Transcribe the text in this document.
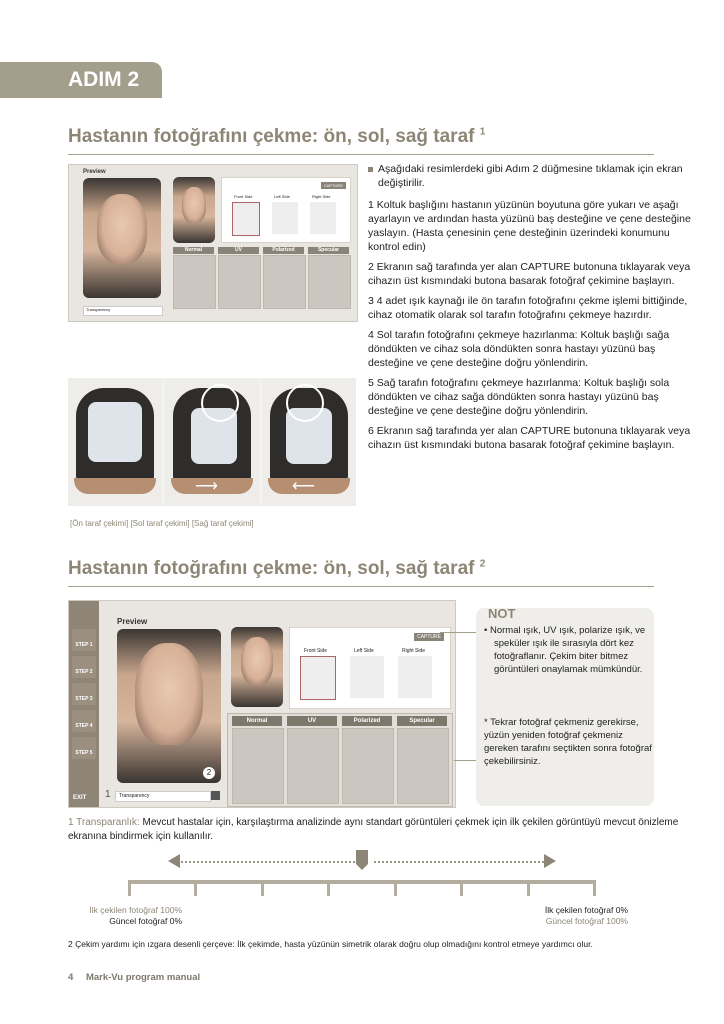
ADIM 2
Hastanın fotoğrafını çekme: ön, sol, sağ taraf $^1$
Preview
CAPTURE
Front Side	Left Side	Right Side
Normal	UV	Polarized	Specular
Transparency
⟶	⟵
[Ön taraf çekimi] [Sol taraf çekimi] [Sağ taraf çekimi]
Aşağıdaki resimlerdeki gibi Adım 2 düğmesine tıklamak için ekran değiştirilir.
1 Koltuk başlığını hastanın yüzünün boyutuna göre yukarı ve aşağı ayarlayın ve ardından hasta yüzünü baş desteğine ve çene desteğine yaslayın. (Hasta çenesinin çene desteğinin üzerindeki konumunu kontrol edin)
2 Ekranın sağ tarafında yer alan CAPTURE butonuna tıklayarak veya cihazın üst kısmındaki butona basarak fotoğraf çekimine başlayın.
3 4 adet ışık kaynağı ile ön tarafın fotoğrafını çekme işlemi bittiğinde, cihaz otomatik olarak sol tarafın fotoğrafını çekmeye hazırdır.
4 Sol tarafın fotoğrafını çekmeye hazırlanma: Koltuk başlığı sağa döndükten ve cihaz sola döndükten sonra hastayı yüzünü baş desteğine ve çene desteğine doğru yönlendirin.
5 Sağ tarafın fotoğrafını çekmeye hazırlanma: Koltuk başlığı sola döndükten ve cihaz sağa döndükten sonra hastayı yüzünü baş desteğine ve çene desteğine doğru yönlendirin.
6 Ekranın sağ tarafında yer alan CAPTURE butonuna tıklayarak veya cihazın üst kısmındaki butona basarak fotoğraf çekimine başlayın.
Hastanın fotoğrafını çekme: ön, sol, sağ taraf $^2$
STEP 1
STEP 2
STEP 3
STEP 4
STEP 5
EXIT
Preview
2
1 Transparency
CAPTURE
Front Side	Left Side	Right Side
Normal	UV	Polarized	Specular
NOT
• Normal ışık, UV ışık, polarize ışık, ve speküler ışık ile sırasıyla dört kez fotoğraflanır. Çekim biter bitmez görüntüleri onaylamak mümkündür.
* Tekrar fotoğraf çekmeniz gerekirse, yüzün yeniden fotoğraf çekmeniz gereken tarafını seçtikten sonra fotoğraf çekebilirsiniz.
1 Transparanlık: Mevcut hastalar için, karşılaştırma analizinde aynı standart görüntüleri çekmek için ilk çekilen görüntüyü mevcut önizleme ekranına bindirmek için kullanılır.
İlk çekilen fotoğraf 100%
Güncel fotoğraf 0%
İlk çekilen fotoğraf 0%
Güncel fotoğraf 100%
2 Çekim yardımı için ızgara desenli çerçeve: İlk çekimde, hasta yüzünün simetrik olarak doğru olup olmadığını kontrol etmeye yardımcı olur.
4 Mark-Vu program manual
